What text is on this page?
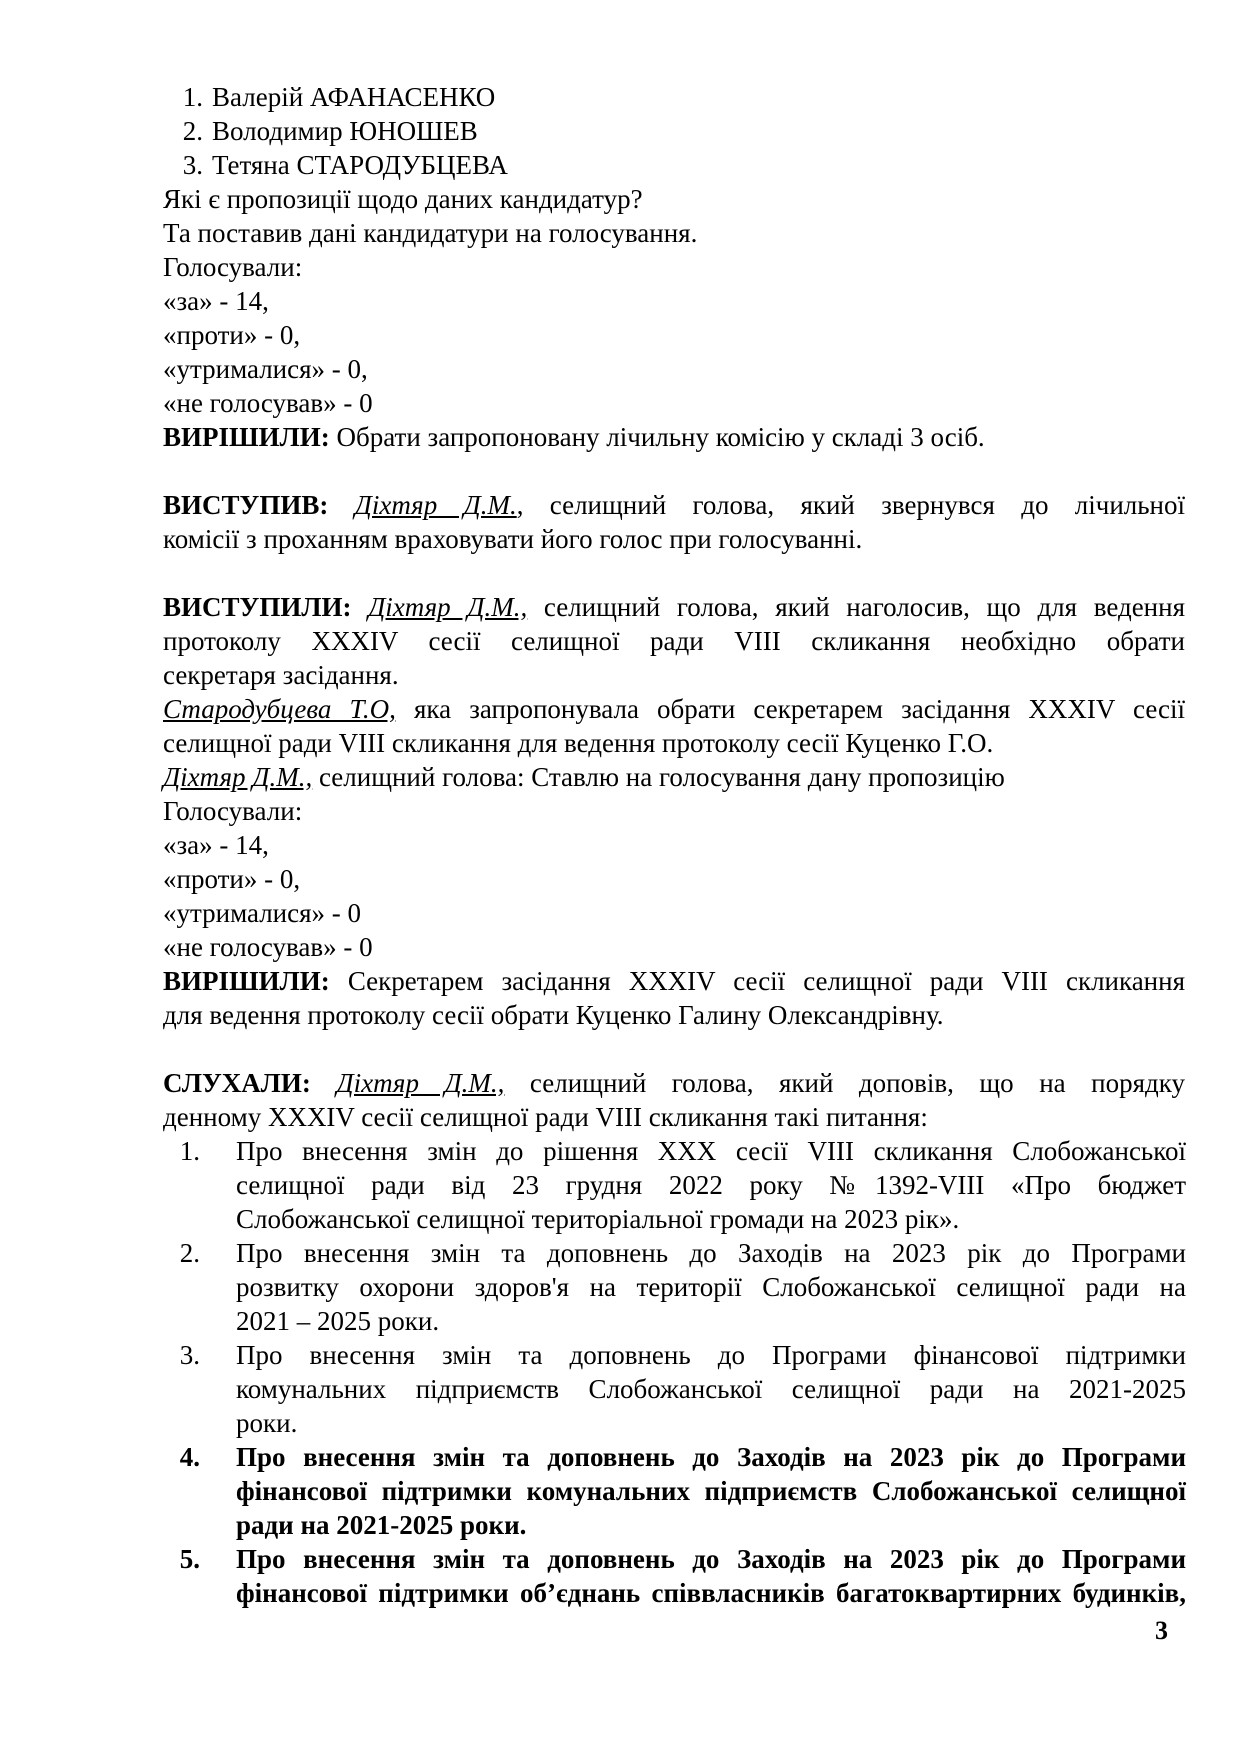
1. Валерій АФАНАСЕНКО
2. Володимир ЮНОШЕВ
3. Тетяна СТАРОДУБЦЕВА
Які є пропозиції щодо даних кандидатур?
Та поставив дані кандидатури на голосування.
Голосували:
«за» - 14,
«проти» - 0,
«утрималися» - 0,
«не голосував» - 0
ВИРІШИЛИ: Обрати запропоновану лічильну комісію у складі 3 осіб.
ВИСТУПИВ: Діхтяр Д.М., селищний голова, який звернувся до лічильної
комісії з проханням враховувати його голос при голосуванні.
ВИСТУПИЛИ: Діхтяр Д.М., селищний голова, який наголосив, що для ведення
протоколу XXXIV сесії селищної ради VIII скликання необхідно обрати
секретаря засідання.
Стародубцева Т.О, яка запропонувала обрати секретарем засідання XXXIV сесії
селищної ради VIII скликання для ведення протоколу сесії Куценко Г.О.
Діхтяр Д.М., селищний голова: Ставлю на голосування дану пропозицію
Голосували:
«за» - 14,
«проти» - 0,
«утрималися» - 0
«не голосував» - 0
ВИРІШИЛИ: Секретарем засідання XXXIV сесії селищної ради VIII скликання
для ведення протоколу сесії обрати Куценко Галину Олександрівну.
СЛУХАЛИ: Діхтяр Д.М., селищний голова, який доповів, що на порядку
денному XXXIV сесії селищної ради VIII скликання такі питання:
1. Про внесення змін до рішення ХХХ сесії VIII скликання Слобожанської
селищної ради від 23 грудня 2022 року №1392-VIII «Про бюджет
Слобожанської селищної територіальної громади на 2023 рік».
2. Про внесення змін та доповнень до Заходів на 2023 рік до Програми
розвитку охорони здоров'я на території Слобожанської селищної ради на
2021 – 2025 роки.
3. Про внесення змін та доповнень до Програми фінансової підтримки
комунальних підприємств Слобожанської селищної ради на 2021-2025
роки.
4. Про внесення змін та доповнень до Заходів на 2023 рік до Програми
фінансової підтримки комунальних підприємств Слобожанської селищної
ради на 2021-2025 роки.
5. Про внесення змін та доповнень до Заходів на 2023 рік до Програми
фінансової підтримки об’єднань співвласників багатоквартирних будинків,
3
